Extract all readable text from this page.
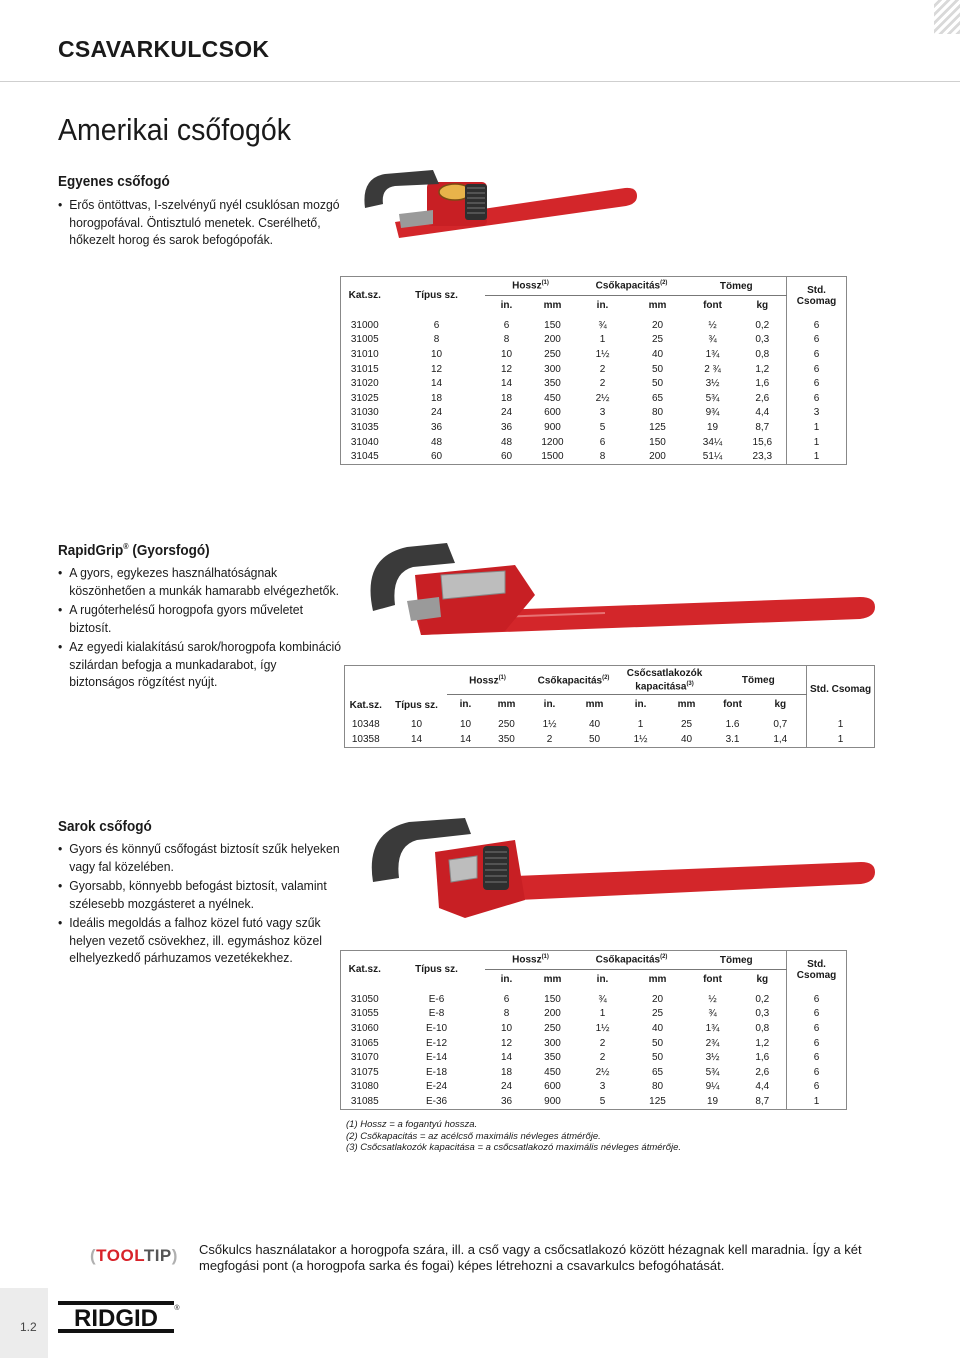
CSAVARKULCSOK
Amerikai csőfogók
Egyenes csőfogó
• Erős öntöttvas, I-szelvényű nyél csuklósan mozgó horogpofával. Öntisztuló menetek. Cserélhető, hőkezelt horog és sarok befogópofák.
Kat.sz.	Típus sz.	Hossz$^{(1)}$		Csőkapacitás$^{(2)}$		Tömeg		Std. Csomag
		in.	mm	in.	mm	font	kg	
31000	6	6	150	¾	20	½	0,2	6
31005	8	8	200	1	25	¾	0,3	6
31010	10	10	250	1½	40	1¾	0,8	6
31015	12	12	300	2	50	2 ¾	1,2	6
31020	14	14	350	2	50	3½	1,6	6
31025	18	18	450	2½	65	5¾	2,6	6
31030	24	24	600	3	80	9¾	4,4	3
31035	36	36	900	5	125	19	8,7	1
31040	48	48	1200	6	150	34¼	15,6	1
31045	60	60	1500	8	200	51¼	23,3	1
RapidGrip® (Gyorsfogó)
• A gyors, egykezes használhatóságnak köszönhetően a munkák hamarabb elvégezhetők.
• A rugóterhelésű horogpofa gyors műveletet biztosít.
• Az egyedi kialakítású sarok/horogpofa kombináció szilárdan befogja a munkadarabot, így biztonságos rögzítést nyújt.
Kat.sz.	Típus sz.	Hossz$^{(1)}$		Csőkapacitás$^{(2)}$		Csőcsatlakozók kapacitása$^{(3)}$		Tömeg		Std. Csomag
		in.	mm	in.	mm	in.	mm	font	kg	
10348	10	10	250	1½	40	1	25	1.6	0,7	1
10358	14	14	350	2	50	1½	40	3.1	1,4	1
Sarok csőfogó
• Gyors és könnyű csőfogást biztosít szűk helyeken vagy fal közelében.
• Gyorsabb, könnyebb befogást biztosít, valamint szélesebb mozgásteret a nyélnek.
• Ideális megoldás a falhoz közel futó vagy szűk helyen vezető csövekhez, ill. egymáshoz közel elhelyezkedő párhuzamos vezetékekhez.
Kat.sz.	Típus sz.	Hossz$^{(1)}$		Csőkapacitás$^{(2)}$		Tömeg		Std. Csomag
		in.	mm	in.	mm	font	kg	
31050	E-6	6	150	¾	20	½	0,2	6
31055	E-8	8	200	1	25	¾	0,3	6
31060	E-10	10	250	1½	40	1¾	0,8	6
31065	E-12	12	300	2	50	2¾	1,2	6
31070	E-14	14	350	2	50	3½	1,6	6
31075	E-18	18	450	2½	65	5¾	2,6	6
31080	E-24	24	600	3	80	9¼	4,4	6
31085	E-36	36	900	5	125	19	8,7	1
(1) Hossz = a fogantyú hossza.
(2) Csőkapacitás = az acélcső maximális névleges átmérője.
(3) Csőcsatlakozók kapacitása = a csőcsatlakozó maximális névleges átmérője.
(TOOLTIP) Csőkulcs használatakor a horogpofa szára, ill. a cső vagy a csőcsatlakozó között hézagnak kell maradnia. Így a két megfogási pont (a horogpofa sarka és fogai) képes létrehozni a csavarkulcs befogóhatását.
1.2 RIDGID ®
